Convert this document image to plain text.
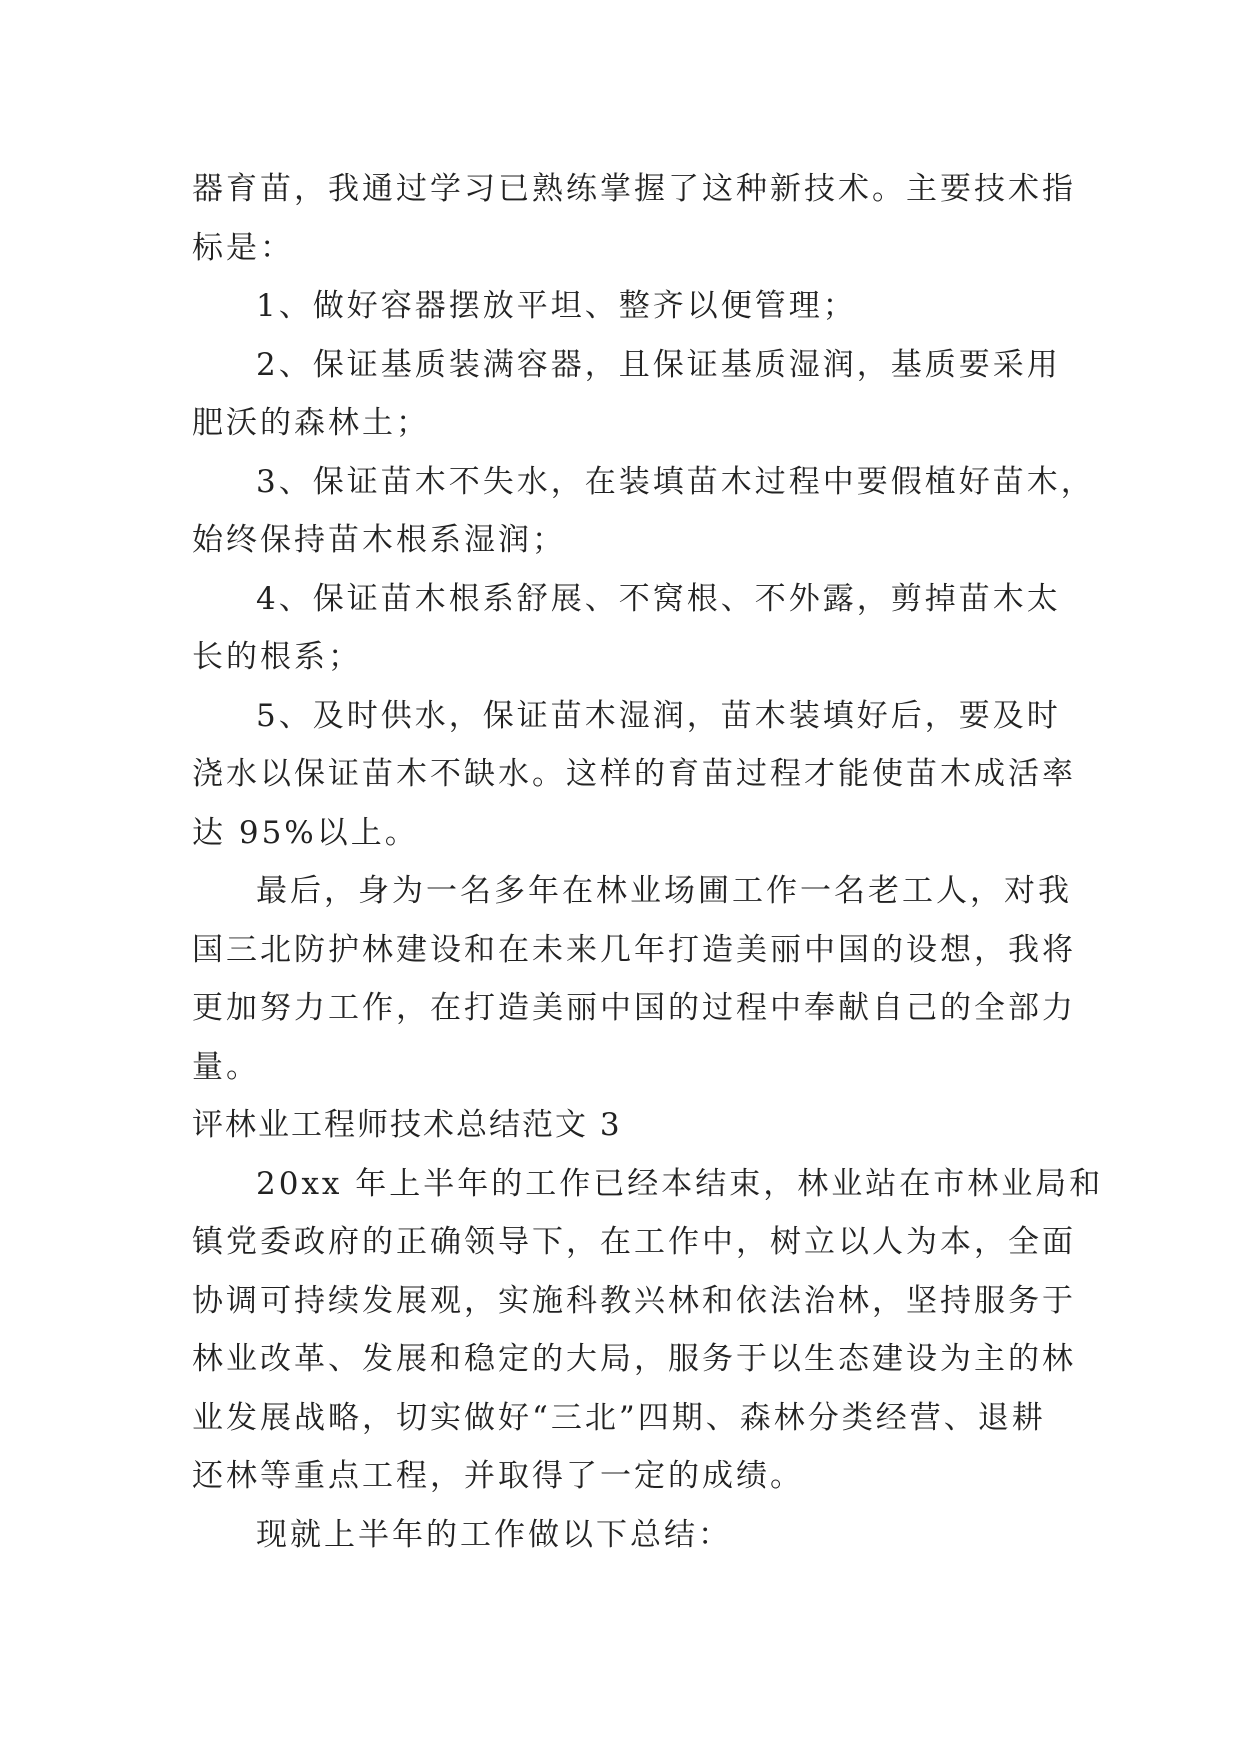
器育苗，我通过学习已熟练掌握了这种新技术。主要技术指
标是：

1、做好容器摆放平坦、整齐以便管理；

2、保证基质装满容器，且保证基质湿润，基质要采用
肥沃的森林土；

3、保证苗木不失水，在装填苗木过程中要假植好苗木，
始终保持苗木根系湿润；

4、保证苗木根系舒展、不窝根、不外露，剪掉苗木太
长的根系；

5、及时供水，保证苗木湿润，苗木装填好后，要及时
浇水以保证苗木不缺水。这样的育苗过程才能使苗木成活率
达 95%以上。

最后，身为一名多年在林业场圃工作一名老工人，对我
国三北防护林建设和在未来几年打造美丽中国的设想，我将
更加努力工作，在打造美丽中国的过程中奉献自己的全部力
量。

评林业工程师技术总结范文 3

20xx 年上半年的工作已经本结束，林业站在市林业局和
镇党委政府的正确领导下，在工作中，树立以人为本，全面
协调可持续发展观，实施科教兴林和依法治林，坚持服务于
林业改革、发展和稳定的大局，服务于以生态建设为主的林
业发展战略，切实做好“三北”四期、森林分类经营、退耕
还林等重点工程，并取得了一定的成绩。

现就上半年的工作做以下总结：
